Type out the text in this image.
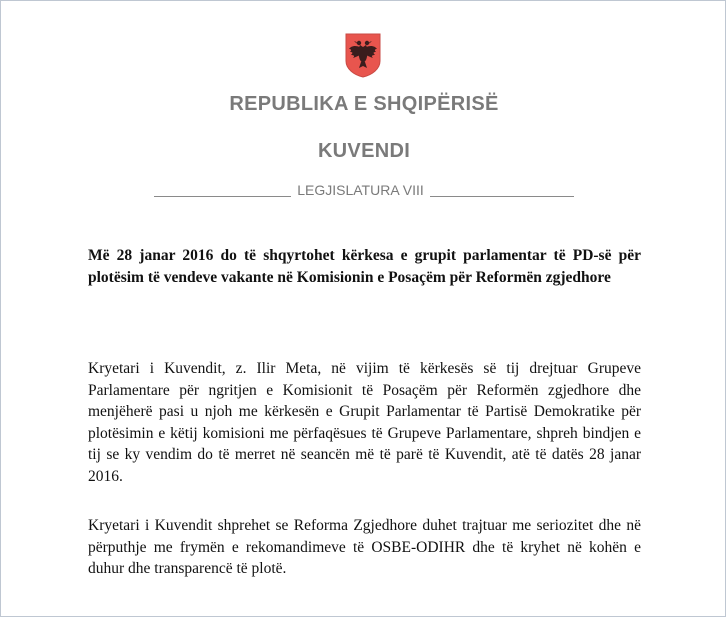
REPUBLIKA E SHQIPËRISË
KUVENDI
LEGJISLATURA VIII
Më 28 janar 2016 do të shqyrtohet kërkesa e grupit parlamentar të PD-së për plotësim të vendeve vakante në Komisionin e Posaçëm për Reformën zgjedhore
Kryetari i Kuvendit, z. Ilir Meta, në vijim të kërkesës së tij drejtuar Grupeve Parlamentare për ngritjen e Komisionit të Posaçëm për Reformën zgjedhore dhe menjëherë pasi u njoh me kërkesën e Grupit Parlamentar të Partisë Demokratike për plotësimin e këtij komisioni me përfaqësues të Grupeve Parlamentare, shpreh bindjen e tij se ky vendim do të merret në seancën më të parë të Kuvendit, atë të datës 28 janar 2016.
Kryetari i Kuvendit shprehet se Reforma Zgjedhore duhet trajtuar me seriozitet dhe në përputhje me frymën e rekomandimeve të OSBE-ODIHR dhe të kryhet në kohën e duhur dhe transparencë të plotë.
